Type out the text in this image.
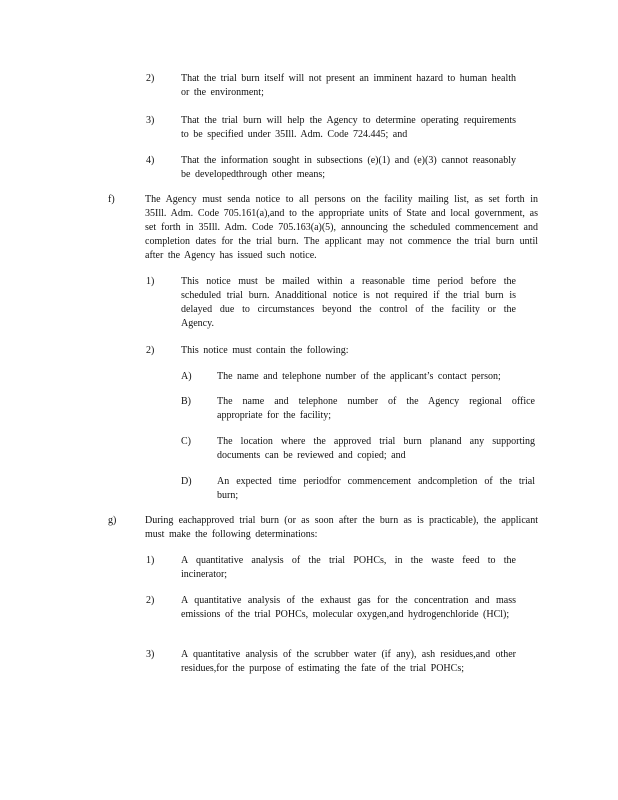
2)	That the trial burn itself will not present an imminent hazard to human health or the environment;
3)	That the trial burn will help the Agency to determine operating requirements to be specified under 35Ill. Adm. Code 724.445; and
4)	That the information sought in subsections (e)(1) and (e)(3) cannot reasonably be developedthrough other means;
f)	The Agency must senda notice to all persons on the facility mailing list, as set forth in 35Ill. Adm. Code 705.161(a),and to the appropriate units of State and local government, as set forth in 35Ill. Adm. Code 705.163(a)(5), announcing the scheduled commencement and completion dates for the trial burn. The applicant may not commence the trial burn until after the Agency has issued such notice.
1)	This notice must be mailed within a reasonable time period before the scheduled trial burn. Anadditional notice is not required if the trial burn is delayed due to circumstances beyond the control of the facility or the Agency.
2)	This notice must contain the following:
A)	The name and telephone number of the applicant’s contact person;
B)	The name and telephone number of the Agency regional office appropriate for the facility;
C)	The location where the approved trial burn planand any supporting documents can be reviewed and copied; and
D)	An expected time periodfor commencement andcompletion of the trial burn;
g)	During eachapproved trial burn (or as soon after the burn as is practicable), the applicant must make the following determinations:
1)	A quantitative analysis of the trial POHCs, in the waste feed to the incinerator;
2)	A quantitative analysis of the exhaust gas for the concentration and mass emissions of the trial POHCs, molecular oxygen,and hydrogenchloride (HCl);
3)	A quantitative analysis of the scrubber water (if any), ash residues,and other residues,for the purpose of estimating the fate of the trial POHCs;
